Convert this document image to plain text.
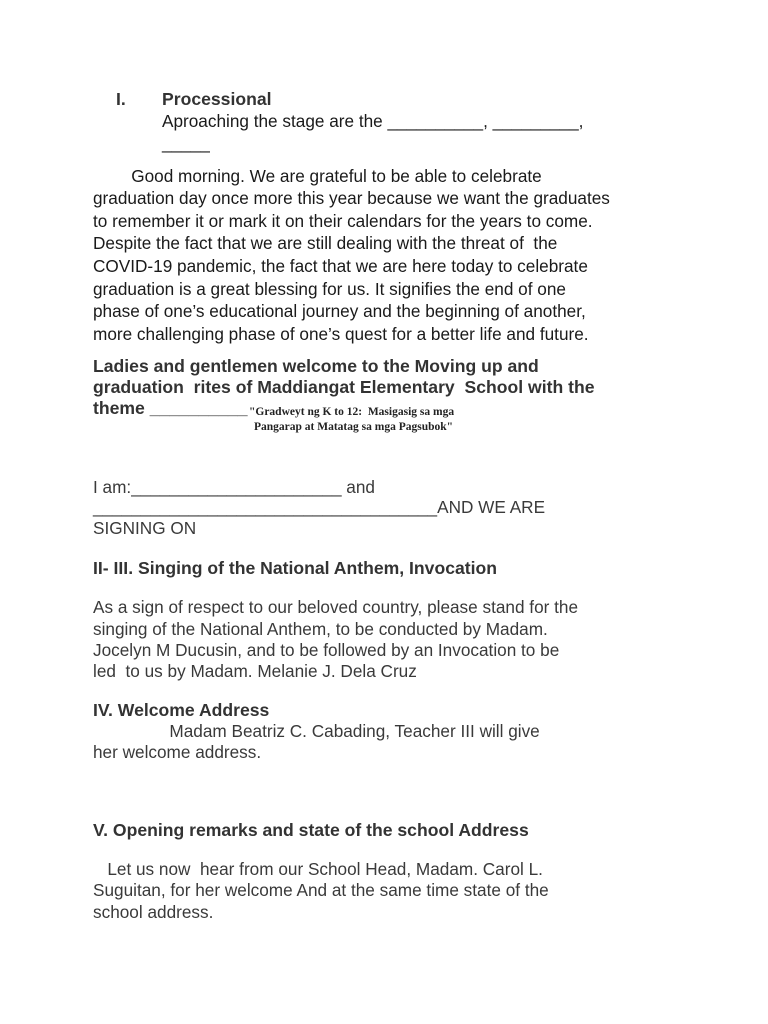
I. Processional
Aproaching the stage are the __________, _________,
_____
Good morning. We are grateful to be able to celebrate
graduation day once more this year because we want the graduates
to remember it or mark it on their calendars for the years to come.
Despite the fact that we are still dealing with the threat of  the
COVID-19 pandemic, the fact that we are here today to celebrate
graduation is a great blessing for us. It signifies the end of one
phase of one’s educational journey and the beginning of another,
more challenging phase of one’s quest for a better life and future.
Ladies and gentlemen welcome to the Moving up and
graduation  rites of Maddiangat Elementary  School with the
theme __________ "Gradweyt ng K to 12:  Masigasig sa mga
Pangarap at Matatag sa mga Pagsubok"
I am:______________________ and
____________________________________AND WE ARE
SIGNING ON
II- III. Singing of the National Anthem, Invocation
As a sign of respect to our beloved country, please stand for the
singing of the National Anthem, to be conducted by Madam.
Jocelyn M Ducusin, and to be followed by an Invocation to be
led  to us by Madam. Melanie J. Dela Cruz
IV. Welcome Address
Madam Beatriz C. Cabading, Teacher III will give
her welcome address.
V. Opening remarks and state of the school Address
Let us now  hear from our School Head, Madam. Carol L.
Suguitan, for her welcome And at the same time state of the
school address.
